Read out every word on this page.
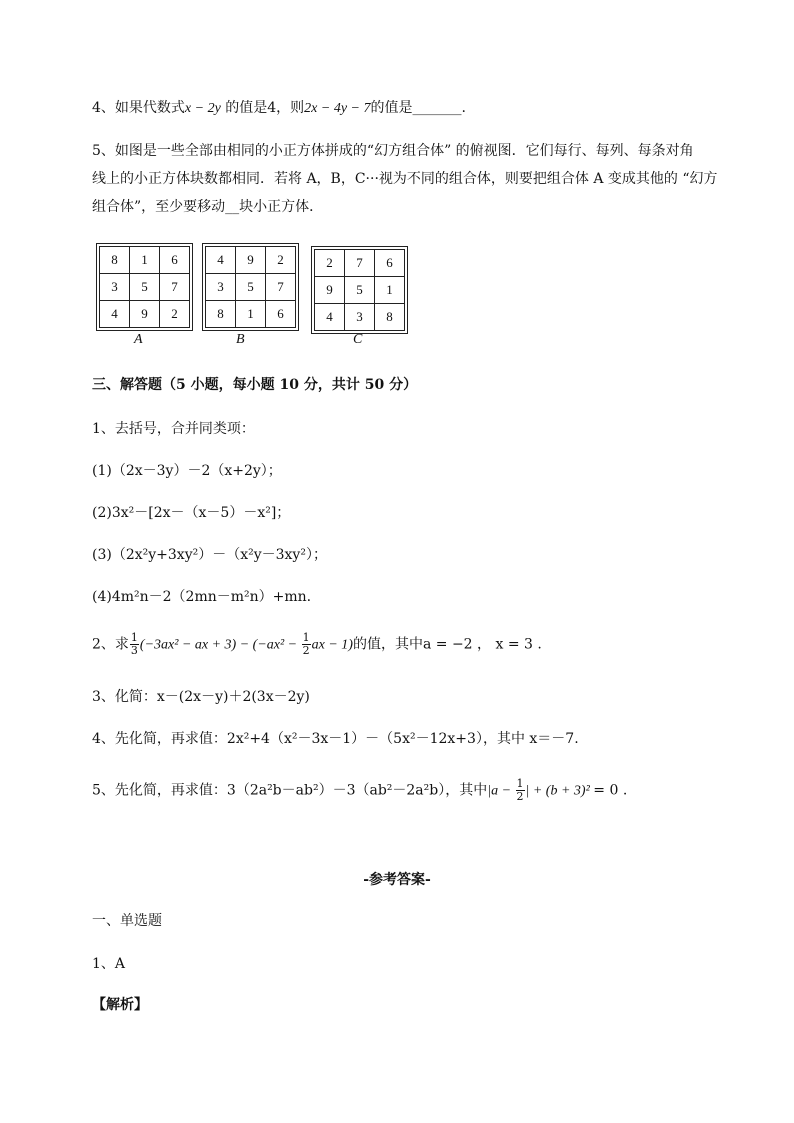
4、如果代数式x − 2y 的值是4，则2x − 4y − 7的值是_______.
5、如图是一些全部由相同的小正方体拼成的“幻方组合体” 的俯视图．它们每行、每列、每条对角
线上的小正方体块数都相同．若将 A，B，C···视为不同的组合体，则要把组合体 A 变成其他的 “幻方
组合体”，至少要移动__块小正方体．
8	1	6
3	5	7
4	9	2
A
4	9	2
3	5	7
8	1	6
B
2	7	6
9	5	1
4	3	8
C
三、解答题（5 小题，每小题 10 分，共计 50 分）
1、去括号，合并同类项：
(1)（2x－3y）－2（x+2y）；
(2)3x²－[2x－（x－5）－x²]；
(3)（2x²y+3xy²）－（x²y－3xy²）；
(4)4m²n－2（2mn－m²n）+mn.
2、求 $\frac{1}{3} (-3ax^2$ − ax + $3) - (-ax^2 - \frac{1}{2}$ ax − 1)的值，其中a = −2 ， x = 3 .
3、化简：x－(2x－y)＋2(3x－2y)
4、先化简，再求值：2x²+4（x²－3x－1）－（5x²－12x+3），其中 x＝－7.
5、先化简，再求值：3（2a²b－ab²）－3（ab²－2a²b），其中$|a - \frac{1}{2}$ | + (b + 3)² = 0 .
-参考答案-
一、单选题
1、A
【解析】
